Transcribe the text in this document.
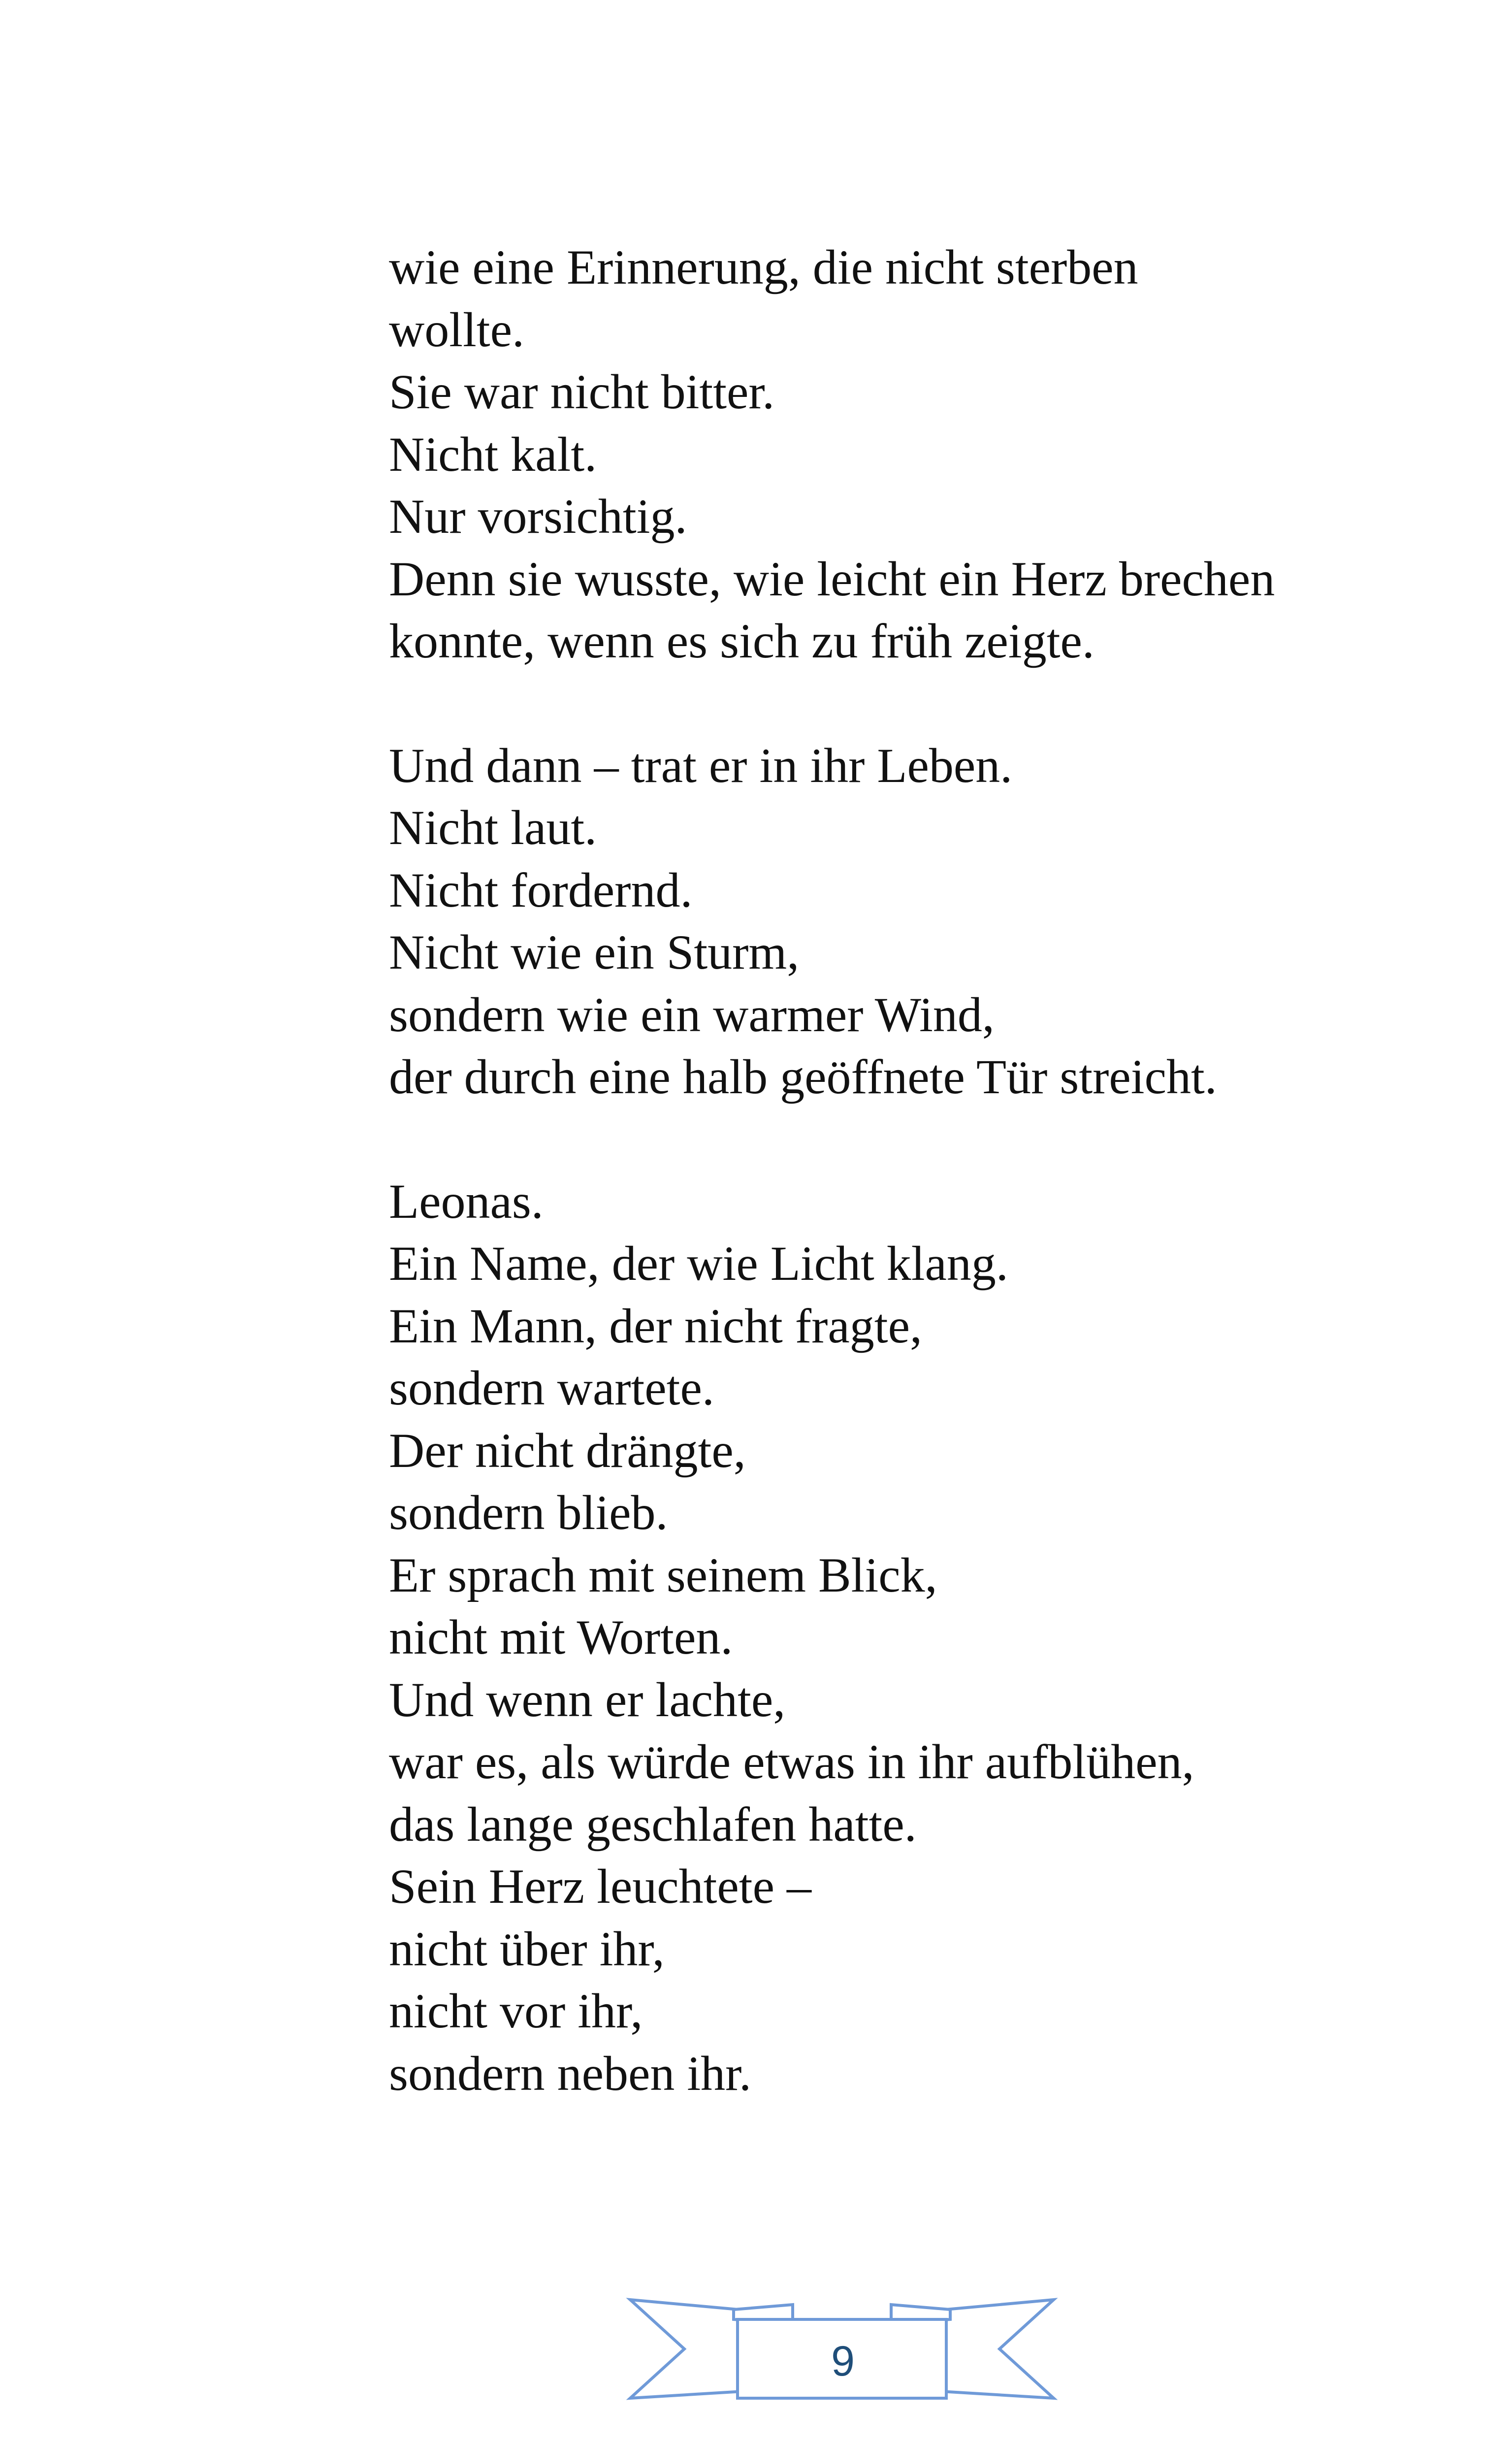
wie eine Erinnerung, die nicht sterben
wollte.
Sie war nicht bitter.
Nicht kalt.
Nur vorsichtig.
Denn sie wusste, wie leicht ein Herz brechen
konnte, wenn es sich zu früh zeigte.
Und dann – trat er in ihr Leben.
Nicht laut.
Nicht fordernd.
Nicht wie ein Sturm,
sondern wie ein warmer Wind,
der durch eine halb geöffnete Tür streicht.
Leonas.
Ein Name, der wie Licht klang.
Ein Mann, der nicht fragte,
sondern wartete.
Der nicht drängte,
sondern blieb.
Er sprach mit seinem Blick,
nicht mit Worten.
Und wenn er lachte,
war es, als würde etwas in ihr aufblühen,
das lange geschlafen hatte.
Sein Herz leuchtete –
nicht über ihr,
nicht vor ihr,
sondern neben ihr.
9
